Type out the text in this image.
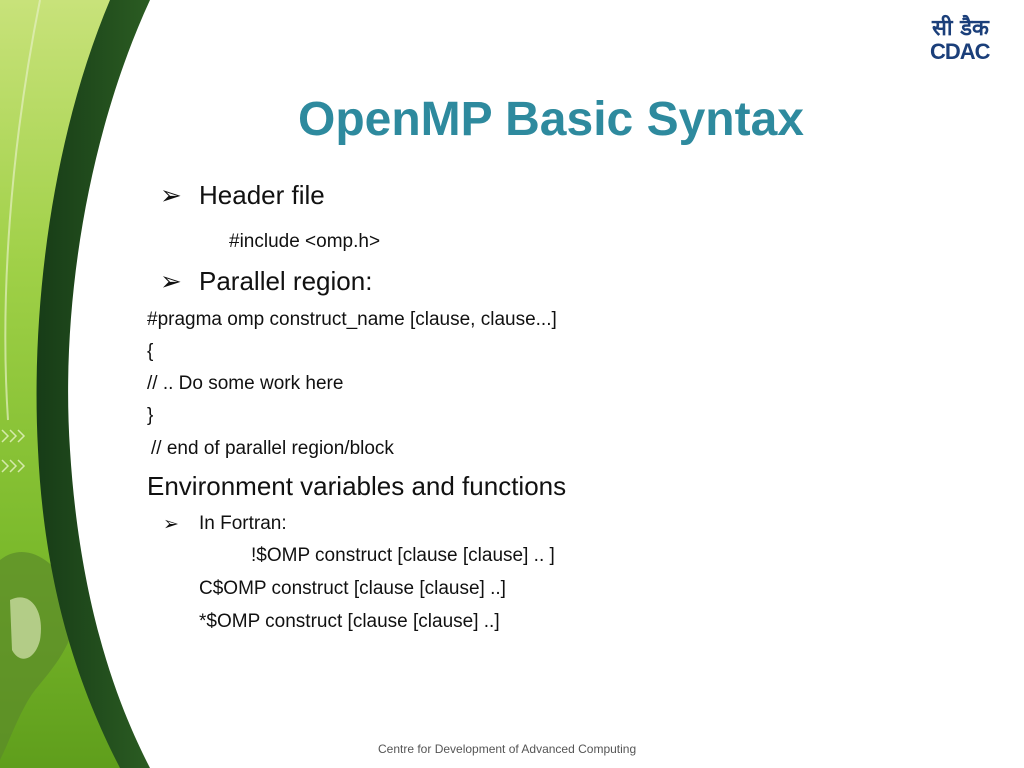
सी डैक
CDAC
OpenMP Basic Syntax
➢ Header file
#include <omp.h>
➢ Parallel region:
#pragma omp construct_name [clause, clause...]
{
// .. Do some work here
}
// end of parallel region/block
Environment variables and functions
➢ In Fortran:
!$OMP construct [clause [clause] .. ]
C$OMP construct [clause [clause] ..]
*$OMP construct [clause [clause] ..]
Centre for Development of Advanced Computing
